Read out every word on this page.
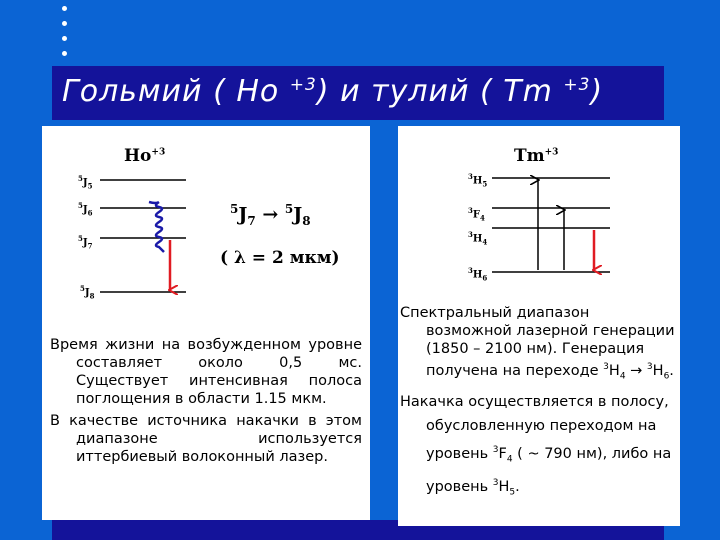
Гольмий ( Ho $^{+3}$) и тулий ( Tm $^{+3}$)
$Ho^{+3}$
$^5J_5$
$^5J_6$
$^5J_7$
$^5J_8$
$^5J_7 \to ^5J_8$
( λ = 2 мкм)

Время жизни на возбужденном уровне составляет около 0,5 мс. Существует интенсивная полоса поглощения в области 1.15 мкм.

В качестве источника накачки в этом диапазоне используется иттербиевый волоконный лазер.

$Tm^{+3}$
$^3H_5$
$^3F_4$
$^3H_4$
$^3H_6$

Спектральный диапазон возможной лазерной генерации (1850 – 2100 нм). Генерация получена на переходе $^3H_4 \to ^3H_6$.

Накачка осуществляется в полосу, обусловленную переходом на уровень $^3F_4$ ( ~ 790 нм), либо на уровень $^3H_5$.
